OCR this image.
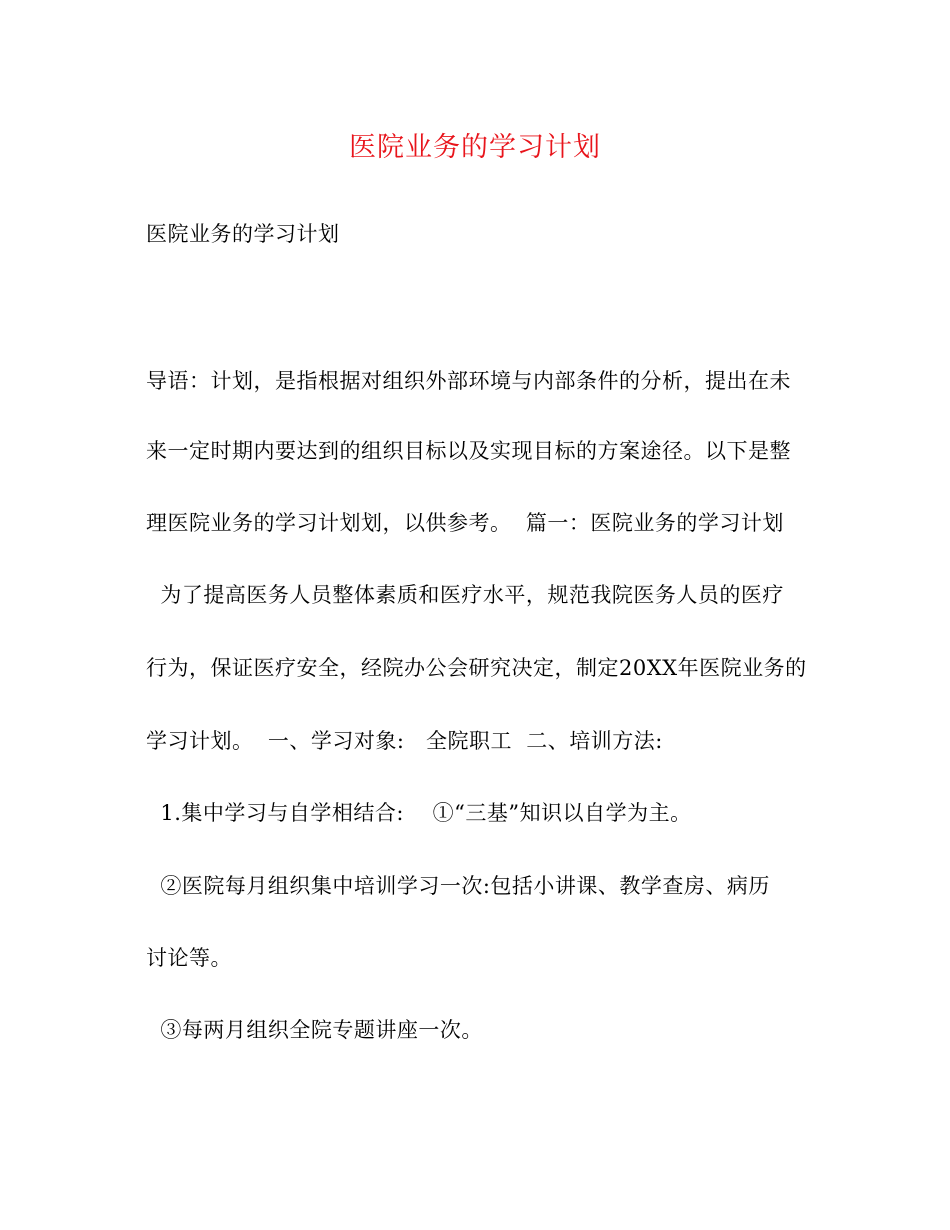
医院业务的学习计划
医院业务的学习计划
导语：计划，是指根据对组织外部环境与内部条件的分析，提出在未
来一定时期内要达到的组织目标以及实现目标的方案途径。以下是整
理医院业务的学习计划划，以供参考。  篇一：医院业务的学习计划
为了提高医务人员整体素质和医疗水平，规范我院医务人员的医疗
行为，保证医疗安全，经院办公会研究决定，制定20XX年医院业务的
学习计划。  一、学习对象:   全院职工  二、培训方法:
1.集中学习与自学相结合:    ①“三基”知识以自学为主。
②医院每月组织集中培训学习一次:包括小讲课、教学查房、病历
讨论等。
③每两月组织全院专题讲座一次。
